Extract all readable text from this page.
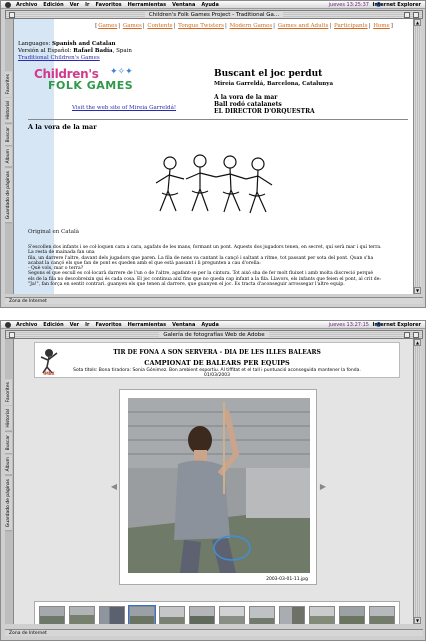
Archivo Edición Ver Ir Favoritos Herramientas Ventana Ayuda	jueves 13:25:37 Internet Explorer
Children's Folk Games Project - Traditional Ga...
Favorites
Historial
Buscar
Álbum
Guardado de páginas
[Games| Games| Contents| Tongue Twisters| Modern Games| Games and Adults| Participants| Home]
Languages: Spanish and Catalan
Versión al Español: Rafael Badía, Spain
Traditional Children's Games
Children's ✦✧✦
FOLK GAMES
Visit the web site of Mireia Garreldá!
Buscant el joc perdut
Mireia Garreldá, Barcelona, Catalunya
A la vora de la mar
Ball rodó catalanets
EL DIRECTOR D'ORQUESTRA
A la vora de la mar
Original en Català
S'escollen dos infants i se col·loquen cara a cara, agafats de les mans, formant un pont. Aquests dos jugadors tenen, en secret, quí serà mar i quí terra.
La resta de mainada fan una
fila, un darrere l'altre, davant dels jugadors que paren. La fila de nens va cantant la cançó i saltant a rítme, tot passant per sota del pont. Quan s'ha
acabat la cançó els que fan de pont es queden amb el que està passant i li pregunten a cau d'orella:
- Què vols, mar o terra?
Segons el que escull es col·locarà darrere de l'un o de l'altre, agafant-se per la cintura. Tot això sha de fer molt fluixet i amb molta discreció perquè
els de la fila no descobreixin qui és cada cosa. El joc continua així fins que no queda cap infant a la fila. Llavors, els infants que feien el pont, al crit de:
"Ja!", fan força en sentit contrari. guanyen els que tenen al darrere, que guanyen el joc. Es tracta d'aconseguir arrossegar l'altre equip.
▲
▼
Zona de Internet
Archivo Edición Ver Ir Favoritos Herramientas Ventana Ayuda	jueves 13:27:15 Internet Explorer
Galería de fotografías Web de Adobe
Favorites
Historial
Buscar
Álbum
Guardado de páginas
IMEX
TIR DE FONA A SON SERVERA - DIA DE LES ILLES BALEARS
CAMPIONAT DE BALEARS PER EQUIPS
Sota títols: Bona tiradora: Sonia Gónimez. Bon ambient esportiu. Al tiffitat et el tall i puntuació aconseguida mantener la fonda.
01/03/2003
◀	▶
2003-03-01-11.jpg
▲
▼
Zona de Internet
